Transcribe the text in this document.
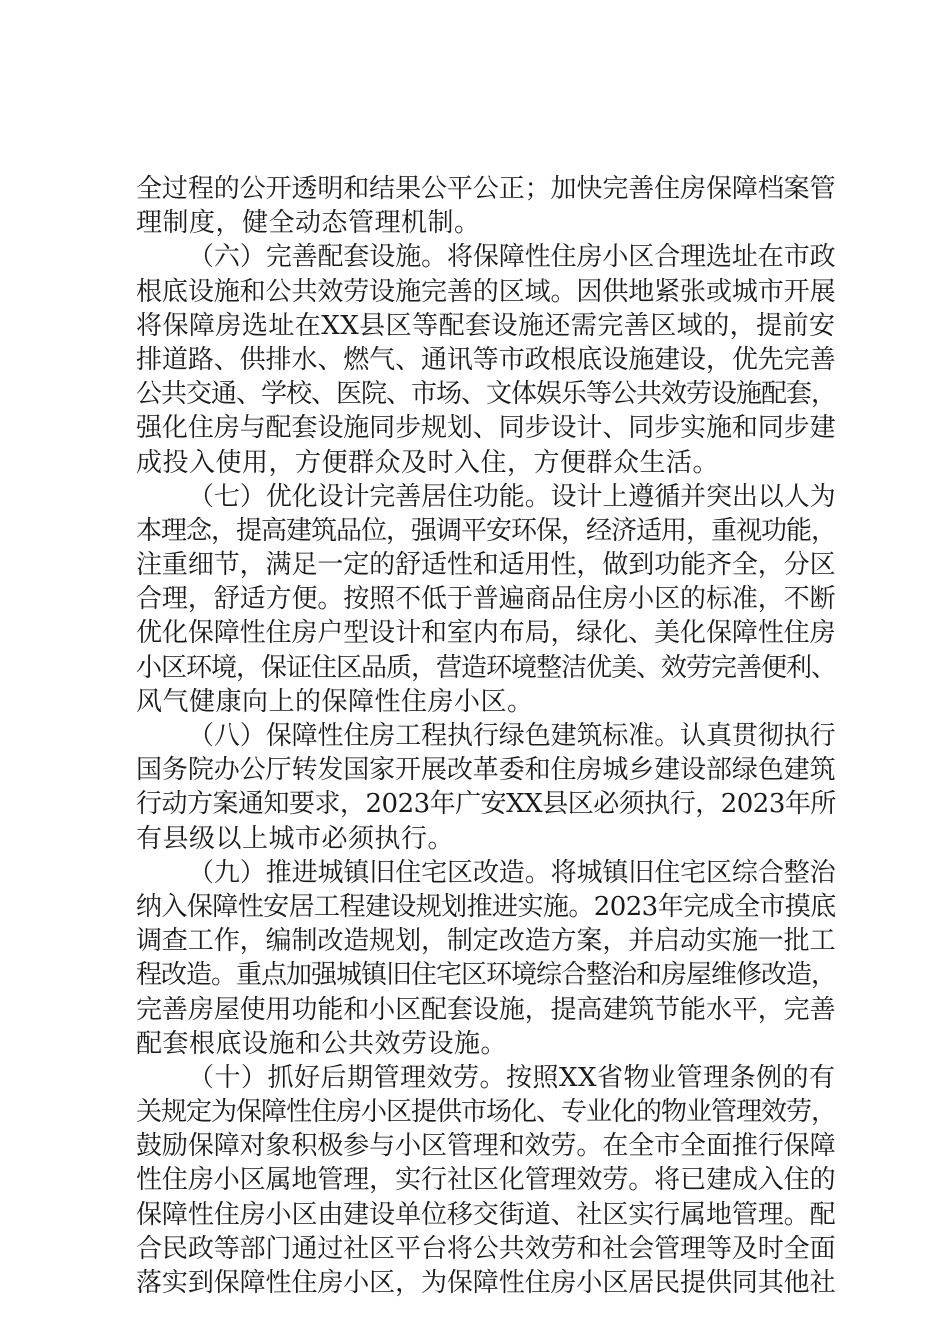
全过程的公开透明和结果公平公正；加快完善住房保障档案管
理制度，健全动态管理机制。
（六）完善配套设施。将保障性住房小区合理选址在市政
根底设施和公共效劳设施完善的区域。因供地紧张或城市开展
将保障房选址在XX县区等配套设施还需完善区域的，提前安
排道路、供排水、燃气、通讯等市政根底设施建设，优先完善
公共交通、学校、医院、市场、文体娱乐等公共效劳设施配套，
强化住房与配套设施同步规划、同步设计、同步实施和同步建
成投入使用，方便群众及时入住，方便群众生活。
（七）优化设计完善居住功能。设计上遵循并突出以人为
本理念，提高建筑品位，强调平安环保，经济适用，重视功能，
注重细节，满足一定的舒适性和适用性，做到功能齐全，分区
合理，舒适方便。按照不低于普遍商品住房小区的标准，不断
优化保障性住房户型设计和室内布局，绿化、美化保障性住房
小区环境，保证住区品质，营造环境整洁优美、效劳完善便利、
风气健康向上的保障性住房小区。
（八）保障性住房工程执行绿色建筑标准。认真贯彻执行
国务院办公厅转发国家开展改革委和住房城乡建设部绿色建筑
行动方案通知要求，2023年广安XX县区必须执行，2023年所
有县级以上城市必须执行。
（九）推进城镇旧住宅区改造。将城镇旧住宅区综合整治
纳入保障性安居工程建设规划推进实施。2023年完成全市摸底
调查工作，编制改造规划，制定改造方案，并启动实施一批工
程改造。重点加强城镇旧住宅区环境综合整治和房屋维修改造，
完善房屋使用功能和小区配套设施，提高建筑节能水平，完善
配套根底设施和公共效劳设施。
（十）抓好后期管理效劳。按照XX省物业管理条例的有
关规定为保障性住房小区提供市场化、专业化的物业管理效劳，
鼓励保障对象积极参与小区管理和效劳。在全市全面推行保障
性住房小区属地管理，实行社区化管理效劳。将已建成入住的
保障性住房小区由建设单位移交街道、社区实行属地管理。配
合民政等部门通过社区平台将公共效劳和社会管理等及时全面
落实到保障性住房小区，为保障性住房小区居民提供同其他社
